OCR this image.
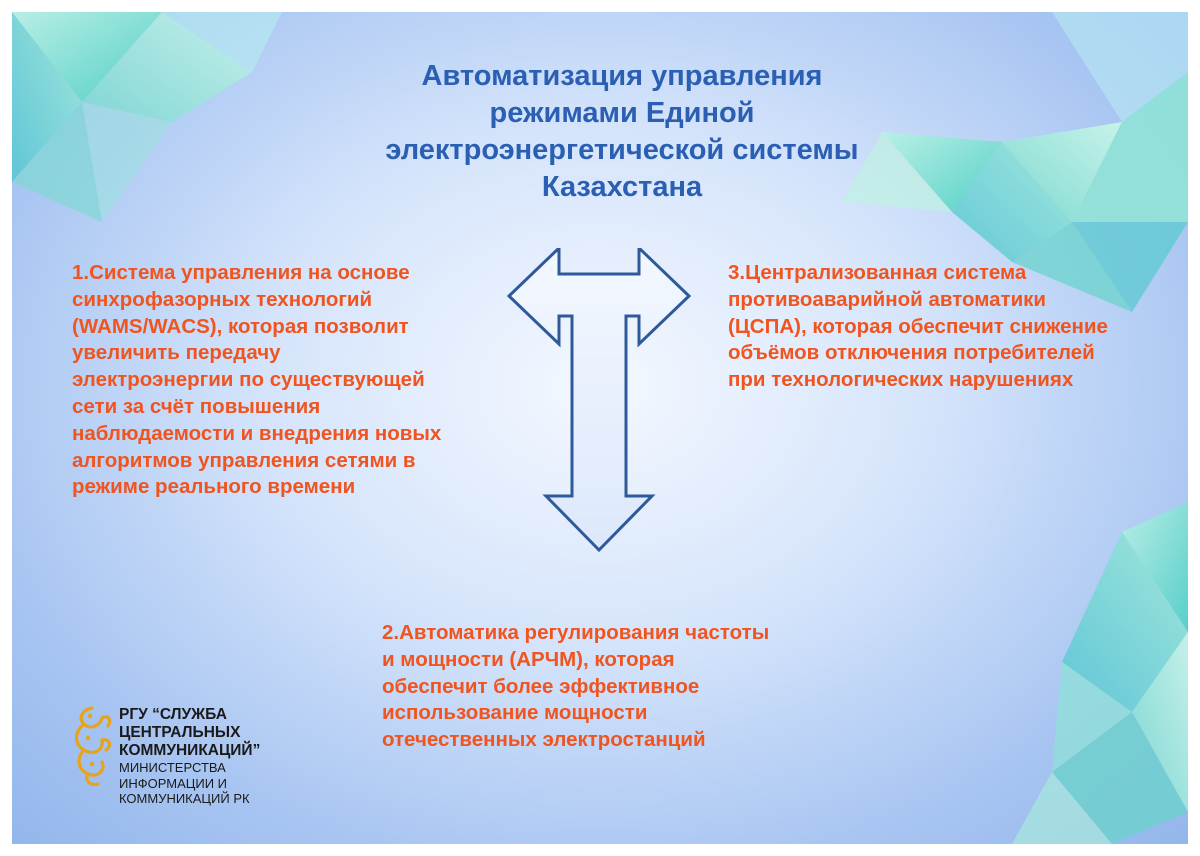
Автоматизация управления
режимами Единой
электроэнергетической системы
Казахстана
1.Система управления на основе
синхрофазорных технологий
(WAMS/WACS), которая позволит
увеличить передачу
электроэнергии по существующей
сети за счёт повышения
наблюдаемости и внедрения новых
алгоритмов управления сетями в
режиме реального времени
3.Централизованная система
противоаварийной автоматики
(ЦСПА), которая обеспечит снижение
объёмов отключения потребителей
при технологических нарушениях
2.Автоматика регулирования частоты
и мощности (АРЧМ), которая
обеспечит более эффективное
использование мощности
отечественных электростанций
РГУ “СЛУЖБА
ЦЕНТРАЛЬНЫХ
КОММУНИКАЦИЙ”
МИНИСТЕРСТВА
ИНФОРМАЦИИ И
КОММУНИКАЦИЙ РК
